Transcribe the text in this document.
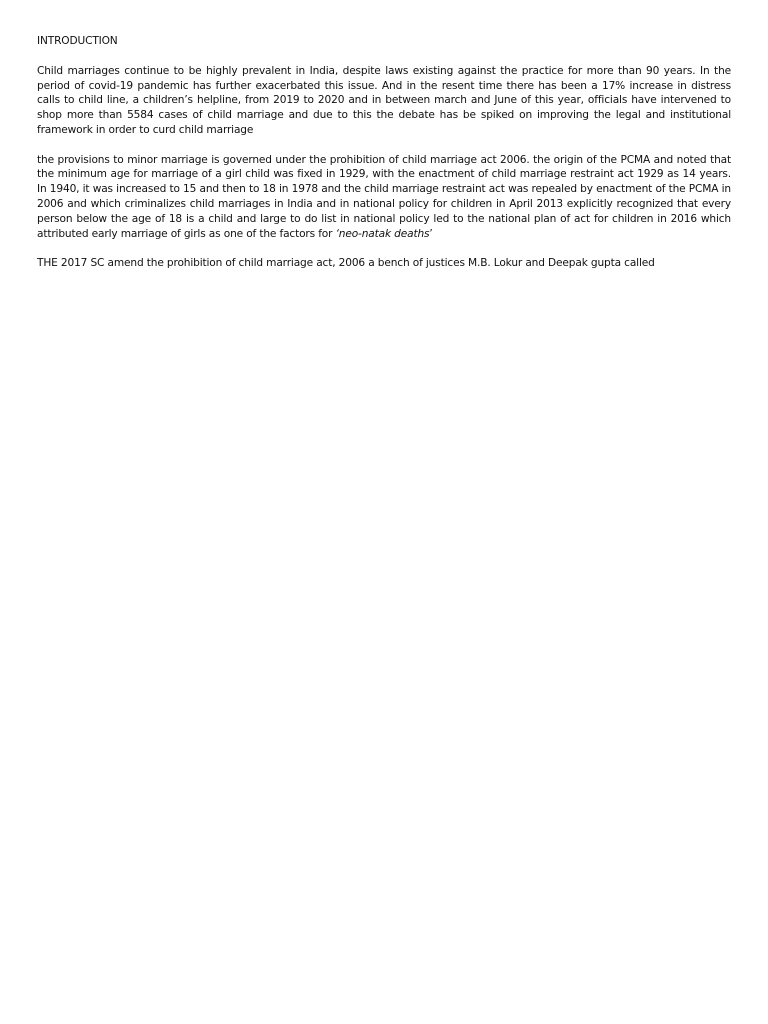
INTRODUCTION

Child marriages continue to be highly prevalent in India, despite laws existing against the practice for more than 90 years. In the period of covid-19 pandemic has further exacerbated this issue. And in the resent time there has been a 17% increase in distress calls to child line, a children’s helpline, from 2019 to 2020 and in between march and June of this year, officials have intervened to shop more than 5584 cases of child marriage and due to this the debate has be spiked on improving the legal and institutional framework in order to curd child marriage

the provisions to minor marriage is governed under the prohibition of child marriage act 2006. the origin of the PCMA and noted that the minimum age for marriage of a girl child was fixed in 1929, with the enactment of child marriage restraint act 1929 as 14 years. In 1940, it was increased to 15 and then to 18 in 1978 and the child marriage restraint act was repealed by enactment of the PCMA in 2006 and which criminalizes child marriages in India and in national policy for children in April 2013 explicitly recognized that every person below the age of 18 is a child and large to do list in national policy led to the national plan of act for children in 2016 which attributed early marriage of girls as one of the factors for ‘neo-natak deaths’

THE 2017 SC amend the prohibition of child marriage act, 2006 a bench of justices M.B. Lokur and Deepak gupta called
